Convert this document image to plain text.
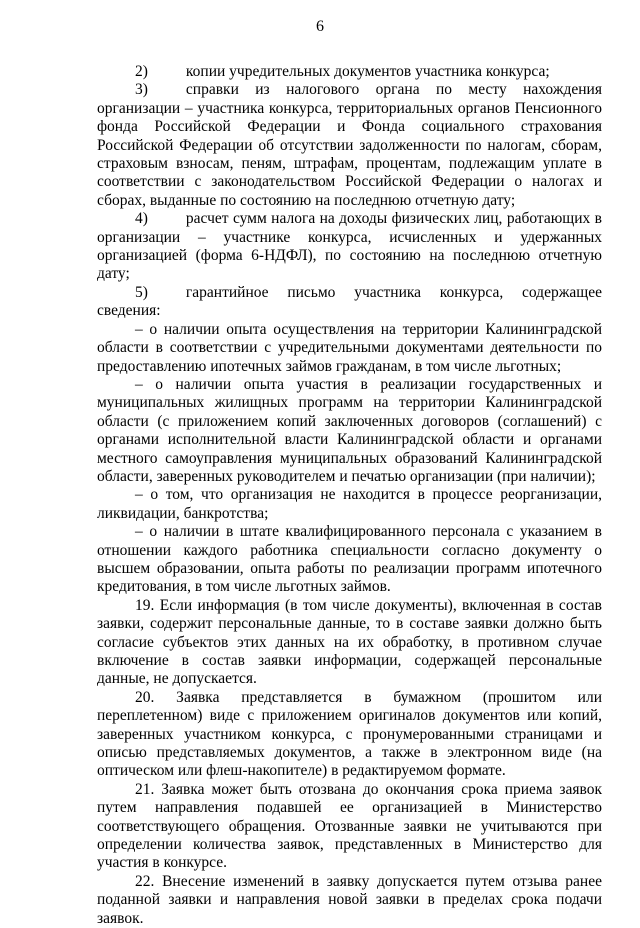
6

2) копии учредительных документов участника конкурса;

3) справки из налогового органа по месту нахождения организации – участника конкурса, территориальных органов Пенсионного фонда Российской Федерации и Фонда социального страхования Российской Федерации об отсутствии задолженности по налогам, сборам, страховым взносам, пеням, штрафам, процентам, подлежащим уплате в соответствии с законодательством Российской Федерации о налогах и сборах, выданные по состоянию на последнюю отчетную дату;

4) расчет сумм налога на доходы физических лиц, работающих в организации – участнике конкурса, исчисленных и удержанных организацией (форма 6-НДФЛ), по состоянию на последнюю отчетную дату;

5) гарантийное письмо участника конкурса, содержащее сведения:

– о наличии опыта осуществления на территории Калининградской области в соответствии с учредительными документами деятельности по предоставлению ипотечных займов гражданам, в том числе льготных;

– о наличии опыта участия в реализации государственных и муниципальных жилищных программ на территории Калининградской области (с приложением копий заключенных договоров (соглашений) с органами исполнительной власти Калининградской области и органами местного самоуправления муниципальных образований Калининградской области, заверенных руководителем и печатью организации (при наличии);

– о том, что организация не находится в процессе реорганизации, ликвидации, банкротства;

– о наличии в штате квалифицированного персонала с указанием в отношении каждого работника специальности согласно документу о высшем образовании, опыта работы по реализации программ ипотечного кредитования, в том числе льготных займов.

19. Если информация (в том числе документы), включенная в состав заявки, содержит персональные данные, то в составе заявки должно быть согласие субъектов этих данных на их обработку, в противном случае включение в состав заявки информации, содержащей персональные данные, не допускается.

20. Заявка представляется в бумажном (прошитом или переплетенном) виде с приложением оригиналов документов или копий, заверенных участником конкурса, с пронумерованными страницами и описью представляемых документов, а также в электронном виде (на оптическом или флеш-накопителе) в редактируемом формате.

21. Заявка может быть отозвана до окончания срока приема заявок путем направления подавшей ее организацией в Министерство соответствующего обращения. Отозванные заявки не учитываются при определении количества заявок, представленных в Министерство для участия в конкурсе.

22. Внесение изменений в заявку допускается путем отзыва ранее поданной заявки и направления новой заявки в пределах срока подачи заявок.
